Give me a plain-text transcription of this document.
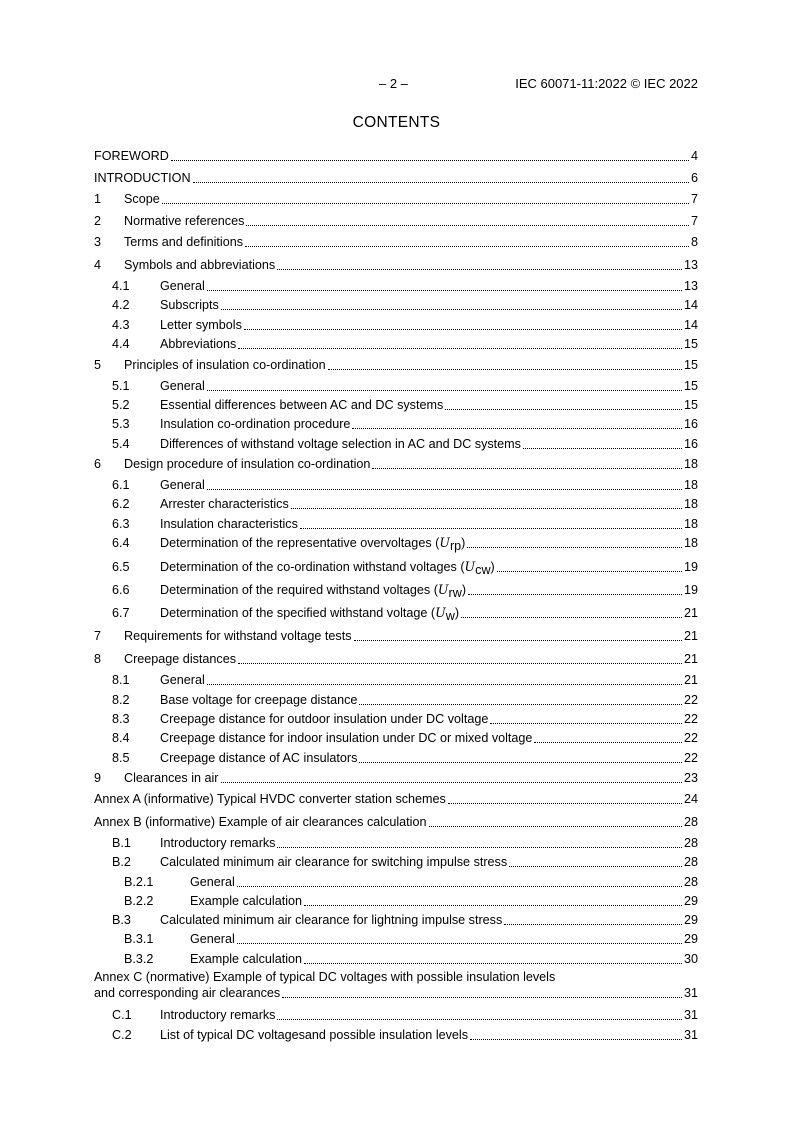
– 2 –	IEC 60071-11:2022 © IEC 2022
CONTENTS
FOREWORD	4
INTRODUCTION	6
1	Scope	7
2	Normative references	7
3	Terms and definitions	8
4	Symbols and abbreviations	13
4.1	General	13
4.2	Subscripts	14
4.3	Letter symbols	14
4.4	Abbreviations	15
5	Principles of insulation co-ordination	15
5.1	General	15
5.2	Essential differences between AC and DC systems	15
5.3	Insulation co-ordination procedure	16
5.4	Differences of withstand voltage selection in AC and DC systems	16
6	Design procedure of insulation co-ordination	18
6.1	General	18
6.2	Arrester characteristics	18
6.3	Insulation characteristics	18
6.4	Determination of the representative overvoltages (Urp)	18
6.5	Determination of the co-ordination withstand voltages (Ucw)	19
6.6	Determination of the required withstand voltages (Urw)	19
6.7	Determination of the specified withstand voltage (Uw)	21
7	Requirements for withstand voltage tests	21
8	Creepage distances	21
8.1	General	21
8.2	Base voltage for creepage distance	22
8.3	Creepage distance for outdoor insulation under DC voltage	22
8.4	Creepage distance for indoor insulation under DC or mixed voltage	22
8.5	Creepage distance of AC insulators	22
9	Clearances in air	23
Annex A (informative) Typical HVDC converter station schemes	24
Annex B (informative) Example of air clearances calculation	28
B.1	Introductory remarks	28
B.2	Calculated minimum air clearance for switching impulse stress	28
B.2.1	General	28
B.2.2	Example calculation	29
B.3	Calculated minimum air clearance for lightning impulse stress	29
B.3.1	General	29
B.3.2	Example calculation	30
Annex C (normative) Example of typical DC voltages with possible insulation levels
and corresponding air clearances	31
C.1	Introductory remarks	31
C.2	List of typical DC voltagesand possible insulation levels	31
